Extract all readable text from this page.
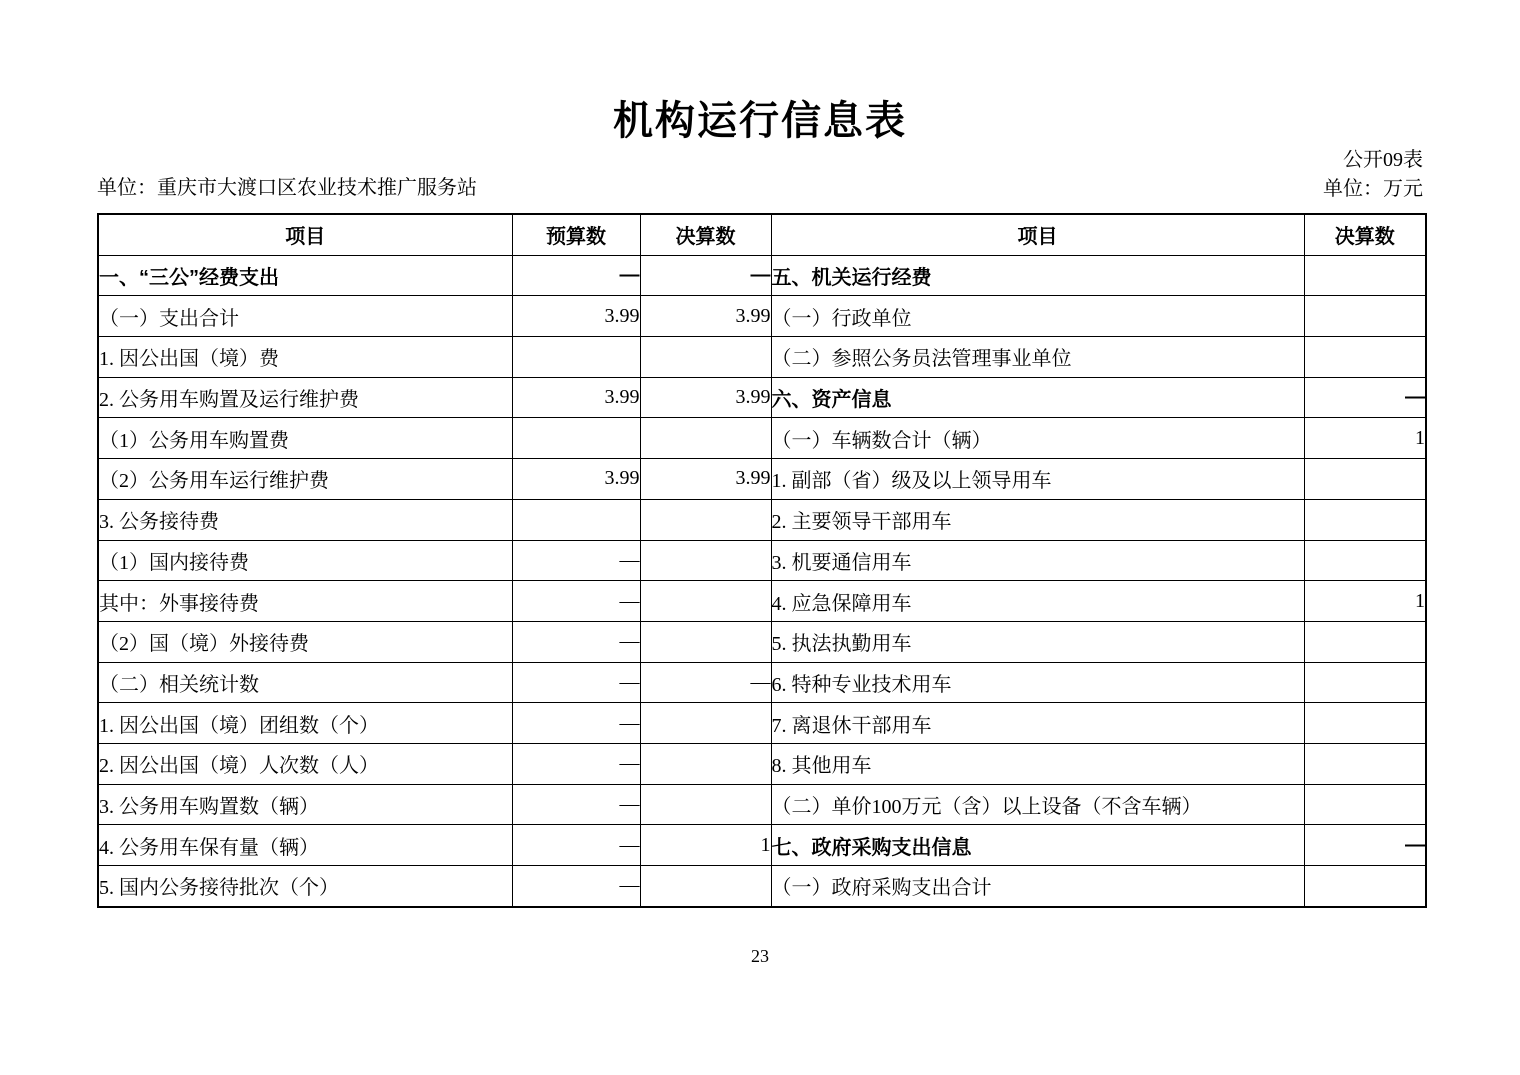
机构运行信息表
单位：重庆市大渡口区农业技术推广服务站
公开09表
单位：万元
项目	预算数	决算数	项目	决算数
一、“三公”经费支出	—	—	五、机关运行经费	
（一）支出合计	3.99	3.99	（一）行政单位	
1. 因公出国（境）费			（二）参照公务员法管理事业单位	
2. 公务用车购置及运行维护费	3.99	3.99	六、资产信息	—
（1）公务用车购置费			（一）车辆数合计（辆）	1
（2）公务用车运行维护费	3.99	3.99	1. 副部（省）级及以上领导用车	
3. 公务接待费			2. 主要领导干部用车	
（1）国内接待费	—		3. 机要通信用车	
其中：外事接待费	—		4. 应急保障用车	1
（2）国（境）外接待费	—		5. 执法执勤用车	
（二）相关统计数	—	—	6. 特种专业技术用车	
1. 因公出国（境）团组数（个）	—		7. 离退休干部用车	
2. 因公出国（境）人次数（人）	—		8. 其他用车	
3. 公务用车购置数（辆）	—		（二）单价100万元（含）以上设备（不含车辆）	
4. 公务用车保有量（辆）	—	1	七、政府采购支出信息	—
5. 国内公务接待批次（个）	—		（一）政府采购支出合计	
23
